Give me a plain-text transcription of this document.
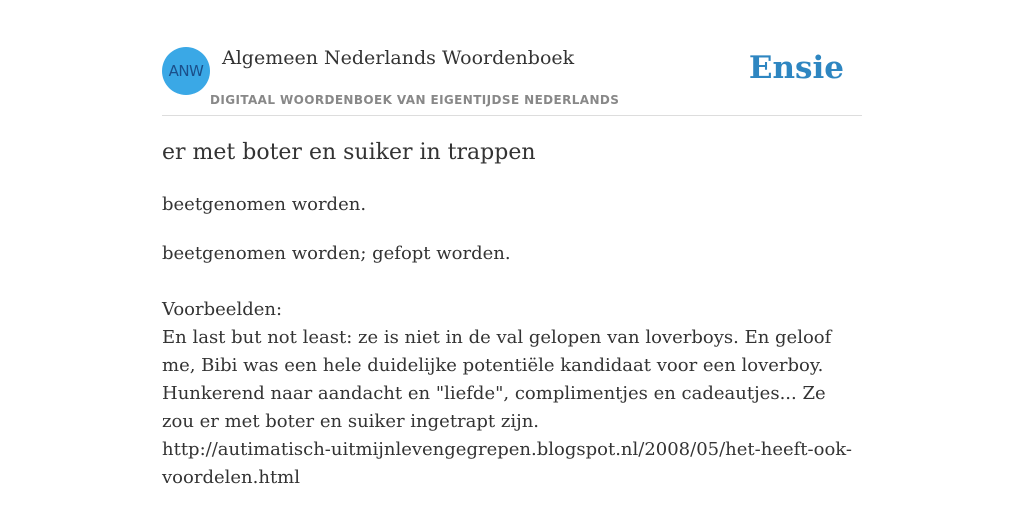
ANW
Algemeen Nederlands Woordenboek
DIGITAAL WOORDENBOEK VAN EIGENTIJDSE NEDERLANDS
Ensie
er met boter en suiker in trappen
beetgenomen worden.

beetgenomen worden; gefopt worden.

Voorbeelden:

En last but not least: ze is niet in de val gelopen van loverboys. En geloof me, Bibi was een hele duidelijke potentiële kandidaat voor een loverboy. Hunkerend naar aandacht en "liefde", complimentjes en cadeautjes... Ze zou er met boter en suiker ingetrapt zijn.

http://autimatisch-uitmijnlevengegrepen.blogspot.nl/2008/05/het-heeft-ook-

voordelen.html
